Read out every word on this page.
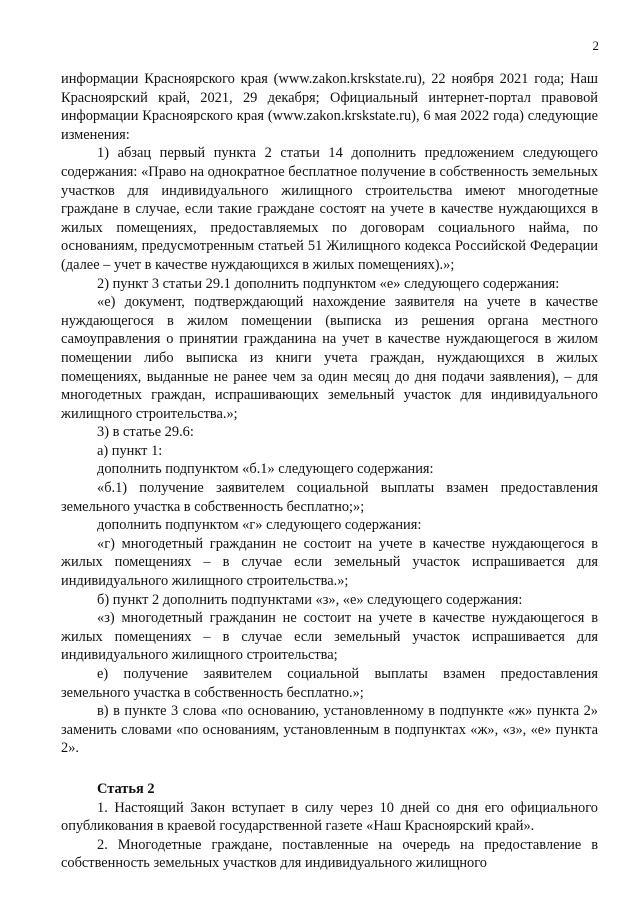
2

информации Красноярского края (www.zakon.krskstate.ru), 22 ноября 2021 года; Наш Красноярский край, 2021, 29 декабря; Официальный интернет-портал правовой информации Красноярского края (www.zakon.krskstate.ru), 6 мая 2022 года) следующие изменения:

1) абзац первый пункта 2 статьи 14 дополнить предложением следующего содержания: «Право на однократное бесплатное получение в собственность земельных участков для индивидуального жилищного строительства имеют многодетные граждане в случае, если такие граждане состоят на учете в качестве нуждающихся в жилых помещениях, предоставляемых по договорам социального найма, по основаниям, предусмотренным статьей 51 Жилищного кодекса Российской Федерации (далее – учет в качестве нуждающихся в жилых помещениях).»;

2) пункт 3 статьи 29.1 дополнить подпунктом «е» следующего содержания:

«е) документ, подтверждающий нахождение заявителя на учете в качестве нуждающегося в жилом помещении (выписка из решения органа местного самоуправления о принятии гражданина на учет в качестве нуждающегося в жилом помещении либо выписка из книги учета граждан, нуждающихся в жилых помещениях, выданные не ранее чем за один месяц до дня подачи заявления), – для многодетных граждан, испрашивающих земельный участок для индивидуального жилищного строительства.»;

3) в статье 29.6:

а) пункт 1:

дополнить подпунктом «б.1» следующего содержания:

«б.1) получение заявителем социальной выплаты взамен предоставления земельного участка в собственность бесплатно;»;

дополнить подпунктом «г» следующего содержания:

«г) многодетный гражданин не состоит на учете в качестве нуждающегося в жилых помещениях – в случае если земельный участок испрашивается для индивидуального жилищного строительства.»;

б) пункт 2 дополнить подпунктами «з», «е» следующего содержания:

«з) многодетный гражданин не состоит на учете в качестве нуждающегося в жилых помещениях – в случае если земельный участок испрашивается для индивидуального жилищного строительства;

е) получение заявителем социальной выплаты взамен предоставления земельного участка в собственность бесплатно.»;

в) в пункте 3 слова «по основанию, установленному в подпункте «ж» пункта 2» заменить словами «по основаниям, установленным в подпунктах «ж», «з», «е» пункта 2».

Статья 2

1. Настоящий Закон вступает в силу через 10 дней со дня его официального опубликования в краевой государственной газете «Наш Красноярский край».

2. Многодетные граждане, поставленные на очередь на предоставление в собственность земельных участков для индивидуального жилищного
